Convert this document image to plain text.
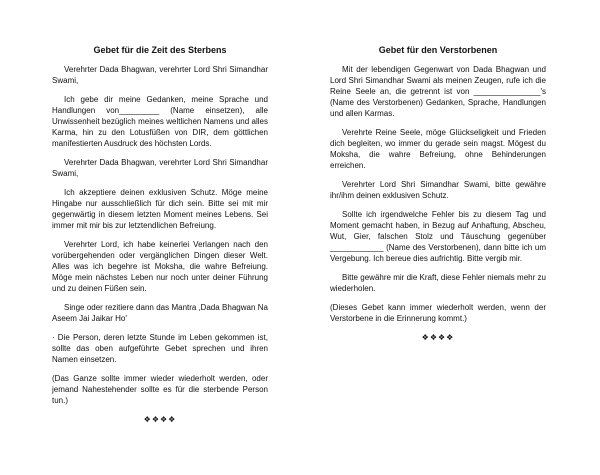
Gebet für die Zeit des Sterbens

Verehrter Dada Bhagwan, verehrter Lord Shri Simandhar Swami,

Ich gebe dir meine Gedanken, meine Sprache und Handlungen von_________ (Name einsetzen), alle Unwissenheit bezüglich meines weltlichen Namens und alles Karma, hin zu den Lotusfüßen von DIR, dem göttlichen manifestierten Ausdruck des höchsten Lords.

Verehrter Dada Bhagwan, verehrter Lord Shri Simandhar Swami,

Ich akzeptiere deinen exklusiven Schutz. Möge meine Hingabe nur ausschließlich für dich sein. Bitte sei mit mir gegenwärtig in diesem letzten Moment meines Lebens. Sei immer mit mir bis zur letztendlichen Befreiung.

Verehrter Lord, ich habe keinerlei Verlangen nach den vorübergehenden oder vergänglichen Dingen dieser Welt. Alles was ich begehre ist Moksha, die wahre Befreiung. Möge mein nächstes Leben nur noch unter deiner Führung und zu deinen Füßen sein.

Singe oder rezitiere dann das Mantra ‚Dada Bhagwan Na Aseem Jai Jaikar Ho'

· Die Person, deren letzte Stunde im Leben gekommen ist, sollte das oben aufgeführte Gebet sprechen und ihren Namen einsetzen.

(Das Ganze sollte immer wieder wiederholt werden, oder jemand Nahestehender sollte es für die sterbende Person tun.)

❖❖❖❖
Gebet für den Verstorbenen

Mit der lebendigen Gegenwart von Dada Bhagwan und Lord Shri Simandhar Swami als meinen Zeugen, rufe ich die Reine Seele an, die getrennt ist von _______________'s (Name des Verstorbenen) Gedanken, Sprache, Handlungen und allen Karmas.

Verehrte Reine Seele, möge Glückseligkeit und Frieden dich begleiten, wo immer du gerade sein magst. Mögest du Moksha, die wahre Befreiung, ohne Behinderungen erreichen.

Verehrter Lord Shri Simandhar Swami, bitte gewähre ihr/ihm deinen exklusiven Schutz.

Sollte ich irgendwelche Fehler bis zu diesem Tag und Moment gemacht haben, in Bezug auf Anhaftung, Abscheu, Wut, Gier, falschen Stolz und Täuschung gegenüber ____________ (Name des Verstorbenen), dann bitte ich um Vergebung. Ich bereue dies aufrichtig. Bitte vergib mir.

Bitte gewähre mir die Kraft, diese Fehler niemals mehr zu wiederholen.

(Dieses Gebet kann immer wiederholt werden, wenn der Verstorbene in die Erinnerung kommt.)

❖❖❖❖
